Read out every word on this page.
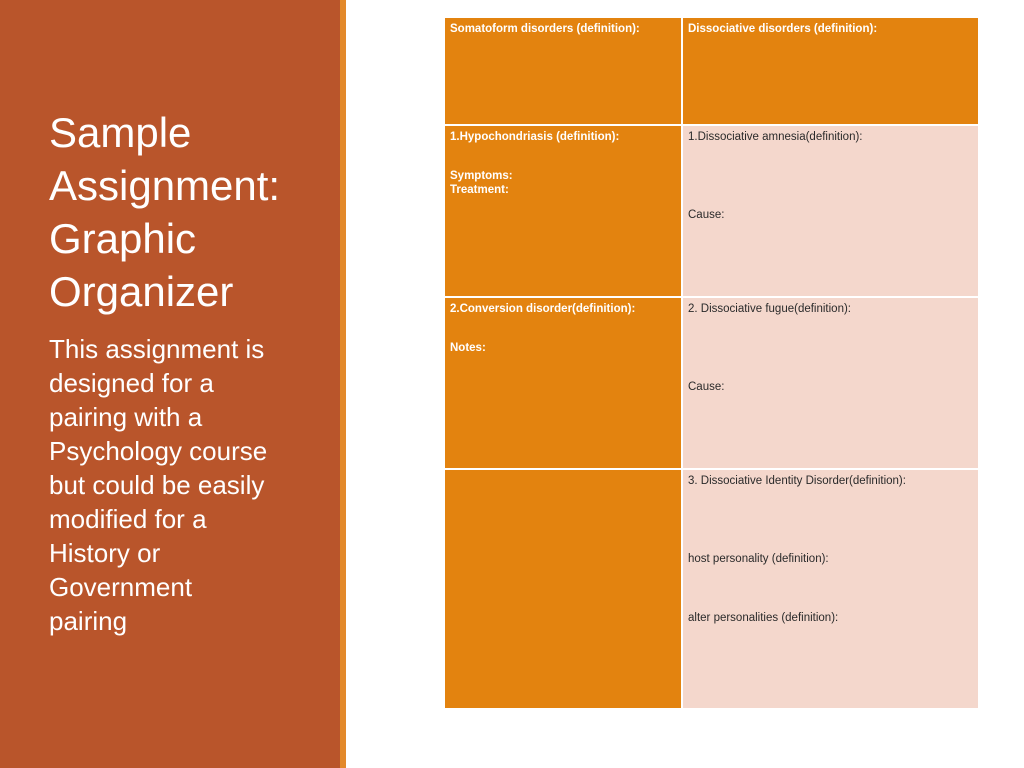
Sample
Assignment:
Graphic
Organizer

This assignment is
designed for a
pairing with a
Psychology course
but could be easily
modified for a
History or
Government
pairing

Somatoform disorders (definition):	Dissociative disorders (definition):

1.Hypochondriasis (definition):
Symptoms:
Treatment:	1.Dissociative amnesia(definition):
Cause:

2.Conversion disorder(definition):
Notes:	2. Dissociative fugue(definition):
Cause:

	3. Dissociative Identity Disorder(definition):
host personality (definition):
alter personalities (definition):
